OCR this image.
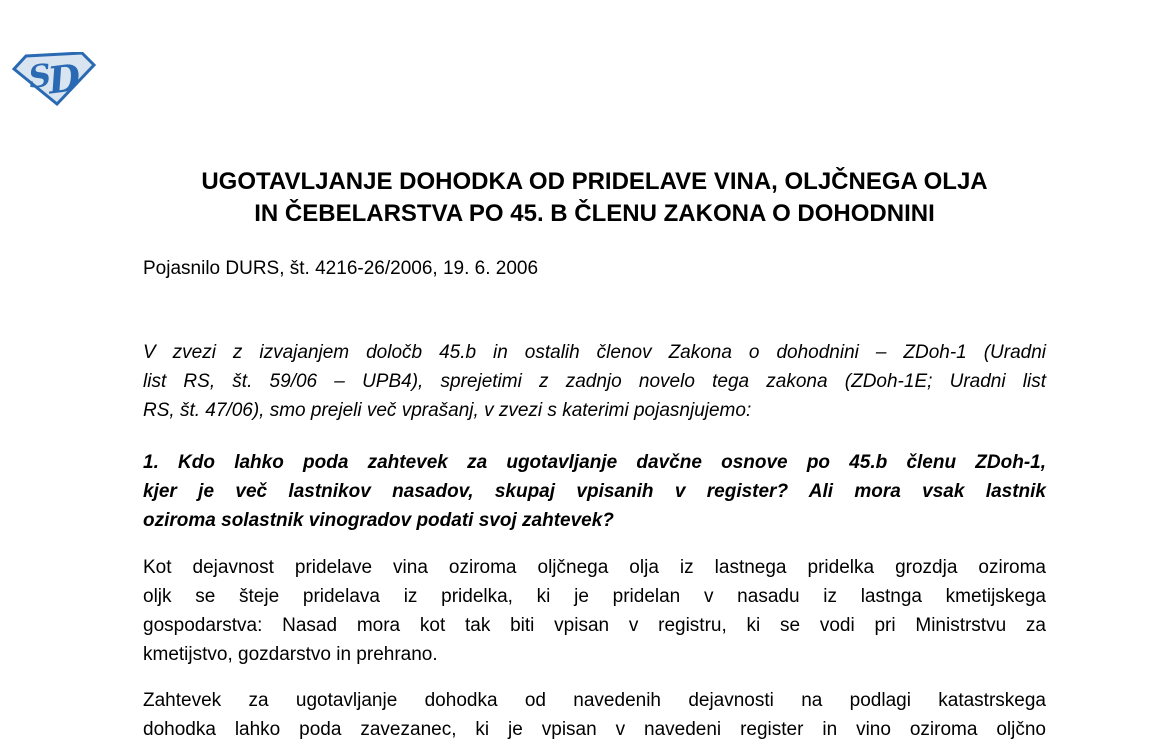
S
D
UGOTAVLJANJE DOHODKA OD PRIDELAVE VINA, OLJČNEGA OLJA
IN ČEBELARSTVA PO 45. B ČLENU ZAKONA O DOHODNINI
Pojasnilo DURS, št. 4216-26/2006, 19. 6. 2006
V zvezi z izvajanjem določb 45.b in ostalih členov Zakona o dohodnini – ZDoh-1 (Uradni
list RS, št. 59/06 – UPB4), sprejetimi z zadnjo novelo tega zakona (ZDoh-1E; Uradni list
RS, št. 47/06), smo prejeli več vprašanj, v zvezi s katerimi pojasnjujemo:
1. Kdo lahko poda zahtevek za ugotavljanje davčne osnove po 45.b členu ZDoh-1,
kjer je več lastnikov nasadov, skupaj vpisanih v register? Ali mora vsak lastnik
oziroma solastnik vinogradov podati svoj zahtevek?
Kot dejavnost pridelave vina oziroma oljčnega olja iz lastnega pridelka grozdja oziroma
oljk se šteje pridelava iz pridelka, ki je pridelan v nasadu iz lastnga kmetijskega
gospodarstva: Nasad mora kot tak biti vpisan v registru, ki se vodi pri Ministrstvu za
kmetijstvo, gozdarstvo in prehrano.
Zahtevek za ugotavljanje dohodka od navedenih dejavnosti na podlagi katastrskega
dohodka lahko poda zavezanec, ki je vpisan v navedeni register in vino oziroma oljčno
